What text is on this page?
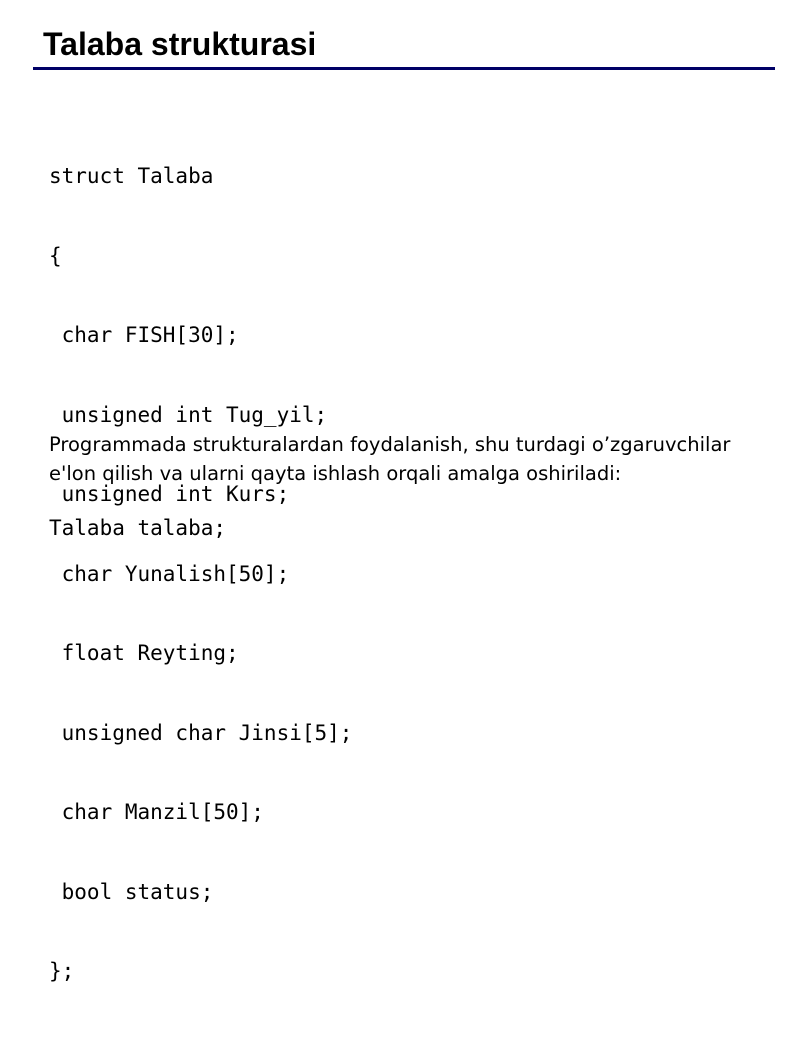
Talaba strukturasi

struct Talaba

{

char FISH[30];

unsigned int Tug_yil;

unsigned int Kurs;

char Yunalish[50];

float Reyting;

unsigned char Jinsi[5];

char Manzil[50];

bool status;

};

Programmada strukturalardan foydalanish, shu turdagi o’zgaruvchilar
e'lon qilish va ularni qayta ishlash orqali amalga oshiriladi:

Talaba talaba;
